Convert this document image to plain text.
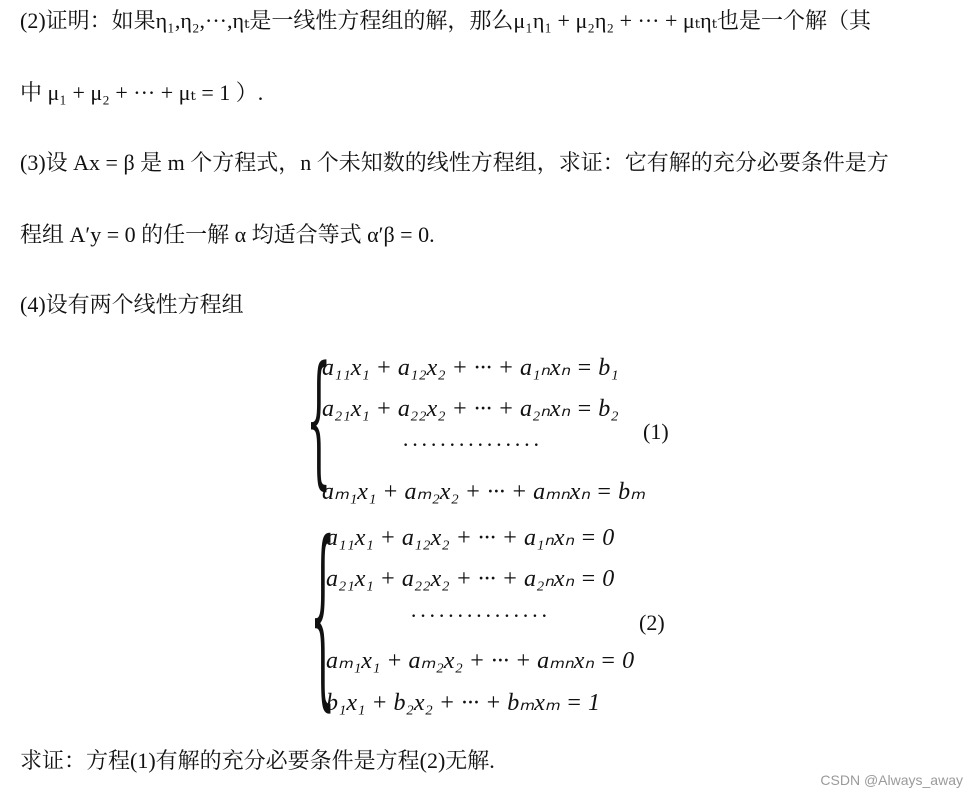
(2)证明：如果η₁,η₂,···,ηₜ是一线性方程组的解，那么μ₁η₁ + μ₂η₂ + ··· + μₜηₜ也是一个解（其
中 μ₁ + μ₂ + ··· + μₜ = 1 ）.
(3)设 Ax = β 是 m 个方程式，n 个未知数的线性方程组，求证：它有解的充分必要条件是方
程组 A′y = 0 的任一解 α 均适合等式 α′β = 0.
(4)设有两个线性方程组
{
a₁₁x₁ + a₁₂x₂ + ··· + a₁ₙxₙ = b₁
a₂₁x₁ + a₂₂x₂ + ··· + a₂ₙxₙ = b₂
···············
aₘ₁x₁ + aₘ₂x₂ + ··· + aₘₙxₙ = bₘ
(1)
{
a₁₁x₁ + a₁₂x₂ + ··· + a₁ₙxₙ = 0
a₂₁x₁ + a₂₂x₂ + ··· + a₂ₙxₙ = 0
···············
aₘ₁x₁ + aₘ₂x₂ + ··· + aₘₙxₙ = 0
b₁x₁ + b₂x₂ + ··· + bₘxₘ = 1
(2)
求证：方程(1)有解的充分必要条件是方程(2)无解.
CSDN @Always_away
